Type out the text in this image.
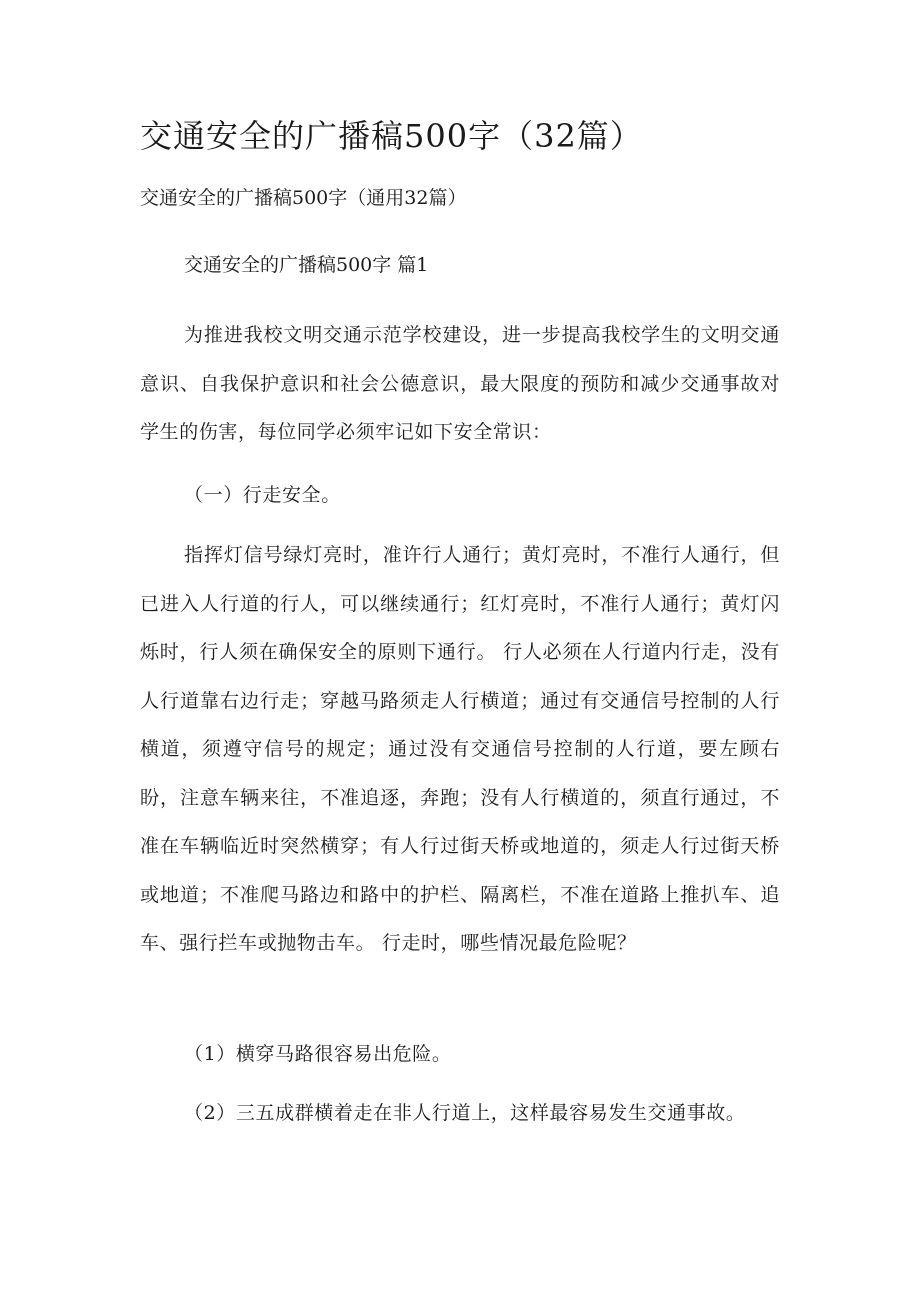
交通安全的广播稿500字（32篇）
交通安全的广播稿500字（通用32篇）
交通安全的广播稿500字 篇1
为推进我校文明交通示范学校建设，进一步提高我校学生的文明交通意识、自我保护意识和社会公德意识，最大限度的预防和减少交通事故对学生的伤害，每位同学必须牢记如下安全常识：
（一）行走安全。
指挥灯信号绿灯亮时，准许行人通行；黄灯亮时，不准行人通行，但已进入人行道的行人，可以继续通行；红灯亮时，不准行人通行；黄灯闪烁时，行人须在确保安全的原则下通行。 行人必须在人行道内行走，没有人行道靠右边行走；穿越马路须走人行横道；通过有交通信号控制的人行横道，须遵守信号的规定；通过没有交通信号控制的人行道，要左顾右盼，注意车辆来往，不准追逐，奔跑；没有人行横道的，须直行通过，不准在车辆临近时突然横穿；有人行过街天桥或地道的，须走人行过街天桥或地道；不准爬马路边和路中的护栏、隔离栏，不准在道路上推扒车、追车、强行拦车或抛物击车。 行走时，哪些情况最危险呢？
（1）横穿马路很容易出危险。
（2）三五成群横着走在非人行道上，这样最容易发生交通事故。
